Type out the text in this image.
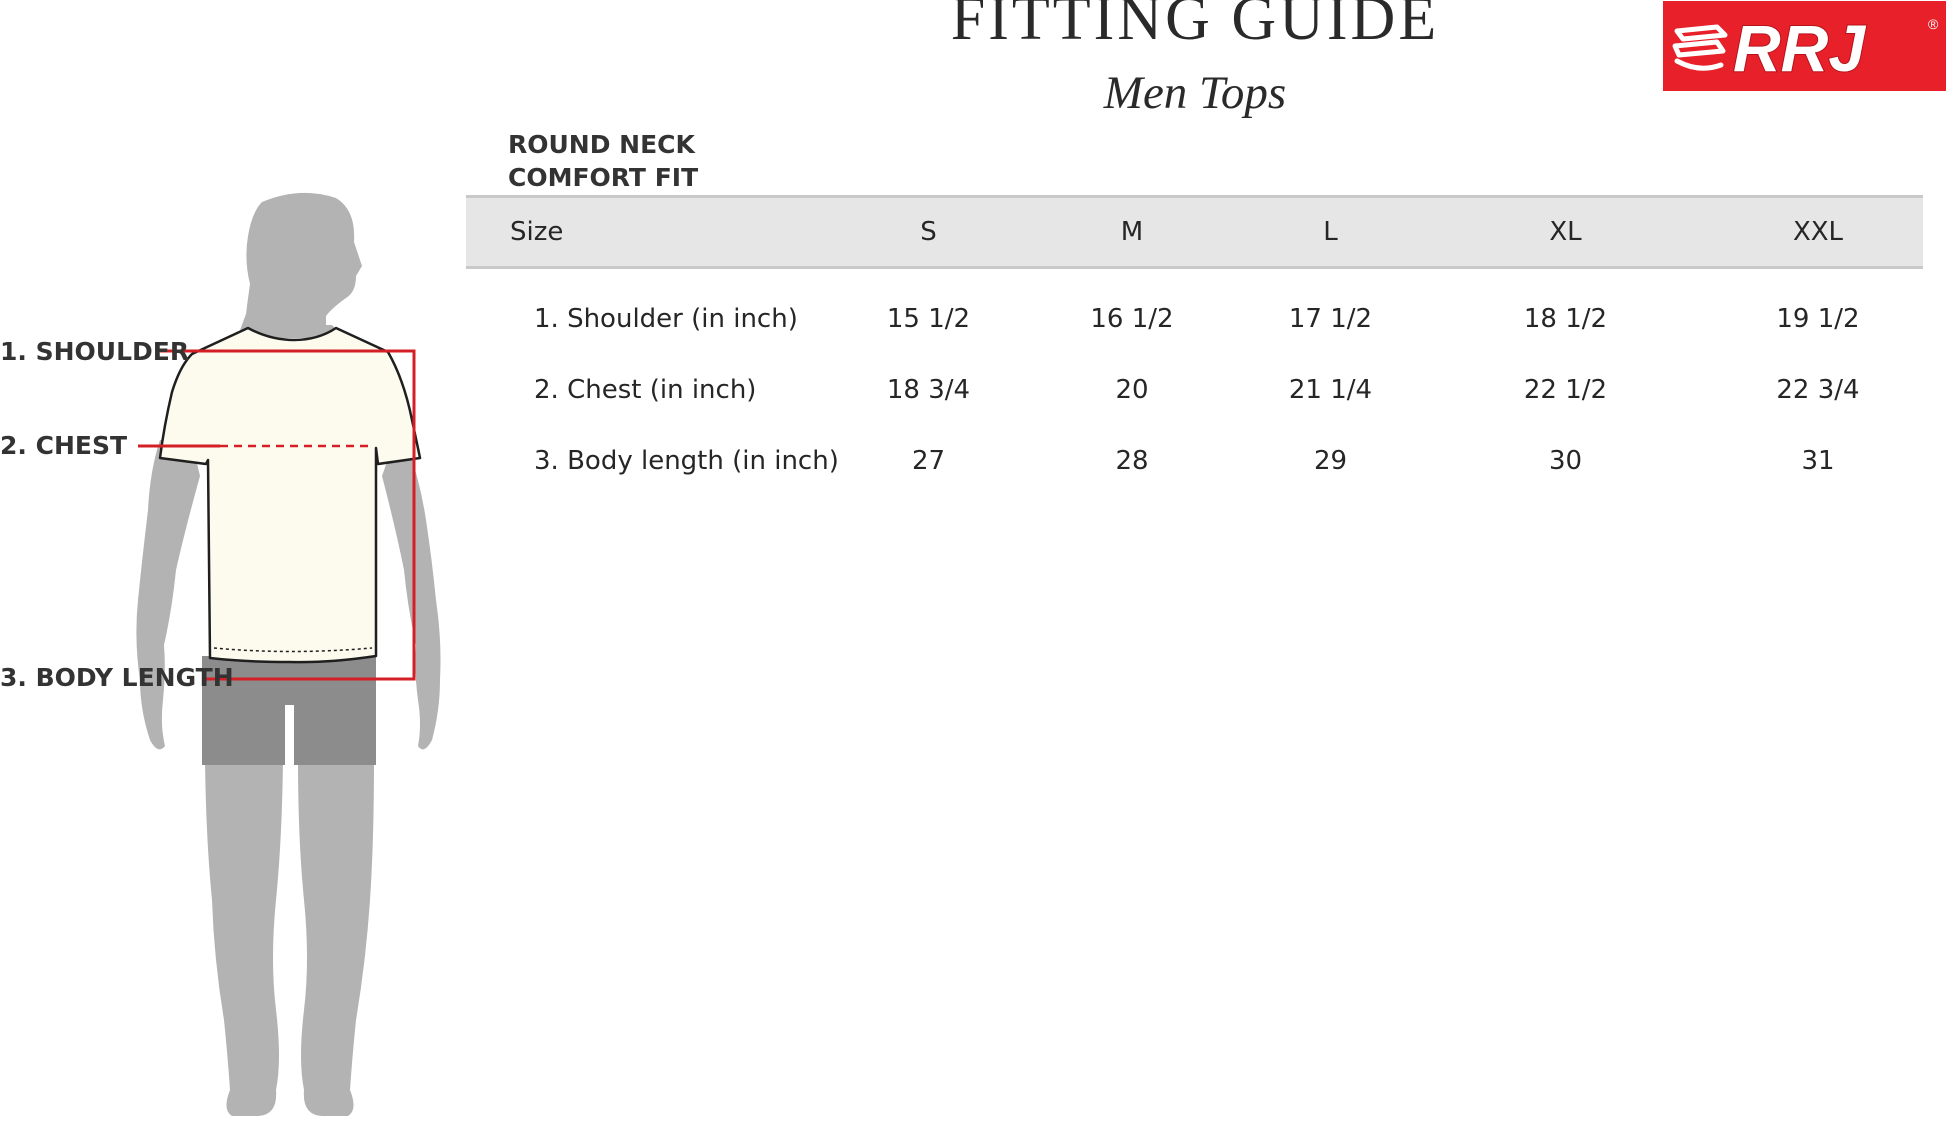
FITTING GUIDE
Men Tops
RRJ	®
ROUND NECK
COMFORT FIT
Size	S	M	L	XL	XXL
1. Shoulder (in inch)	15 1/2	16 1/2	17 1/2	18 1/2	19 1/2
2. Chest (in inch)	18 3/4	20	21 1/4	22 1/2	22 3/4
3. Body length (in inch)	27	28	29	30	31
1. SHOULDER
2. CHEST
3. BODY LENGTH
